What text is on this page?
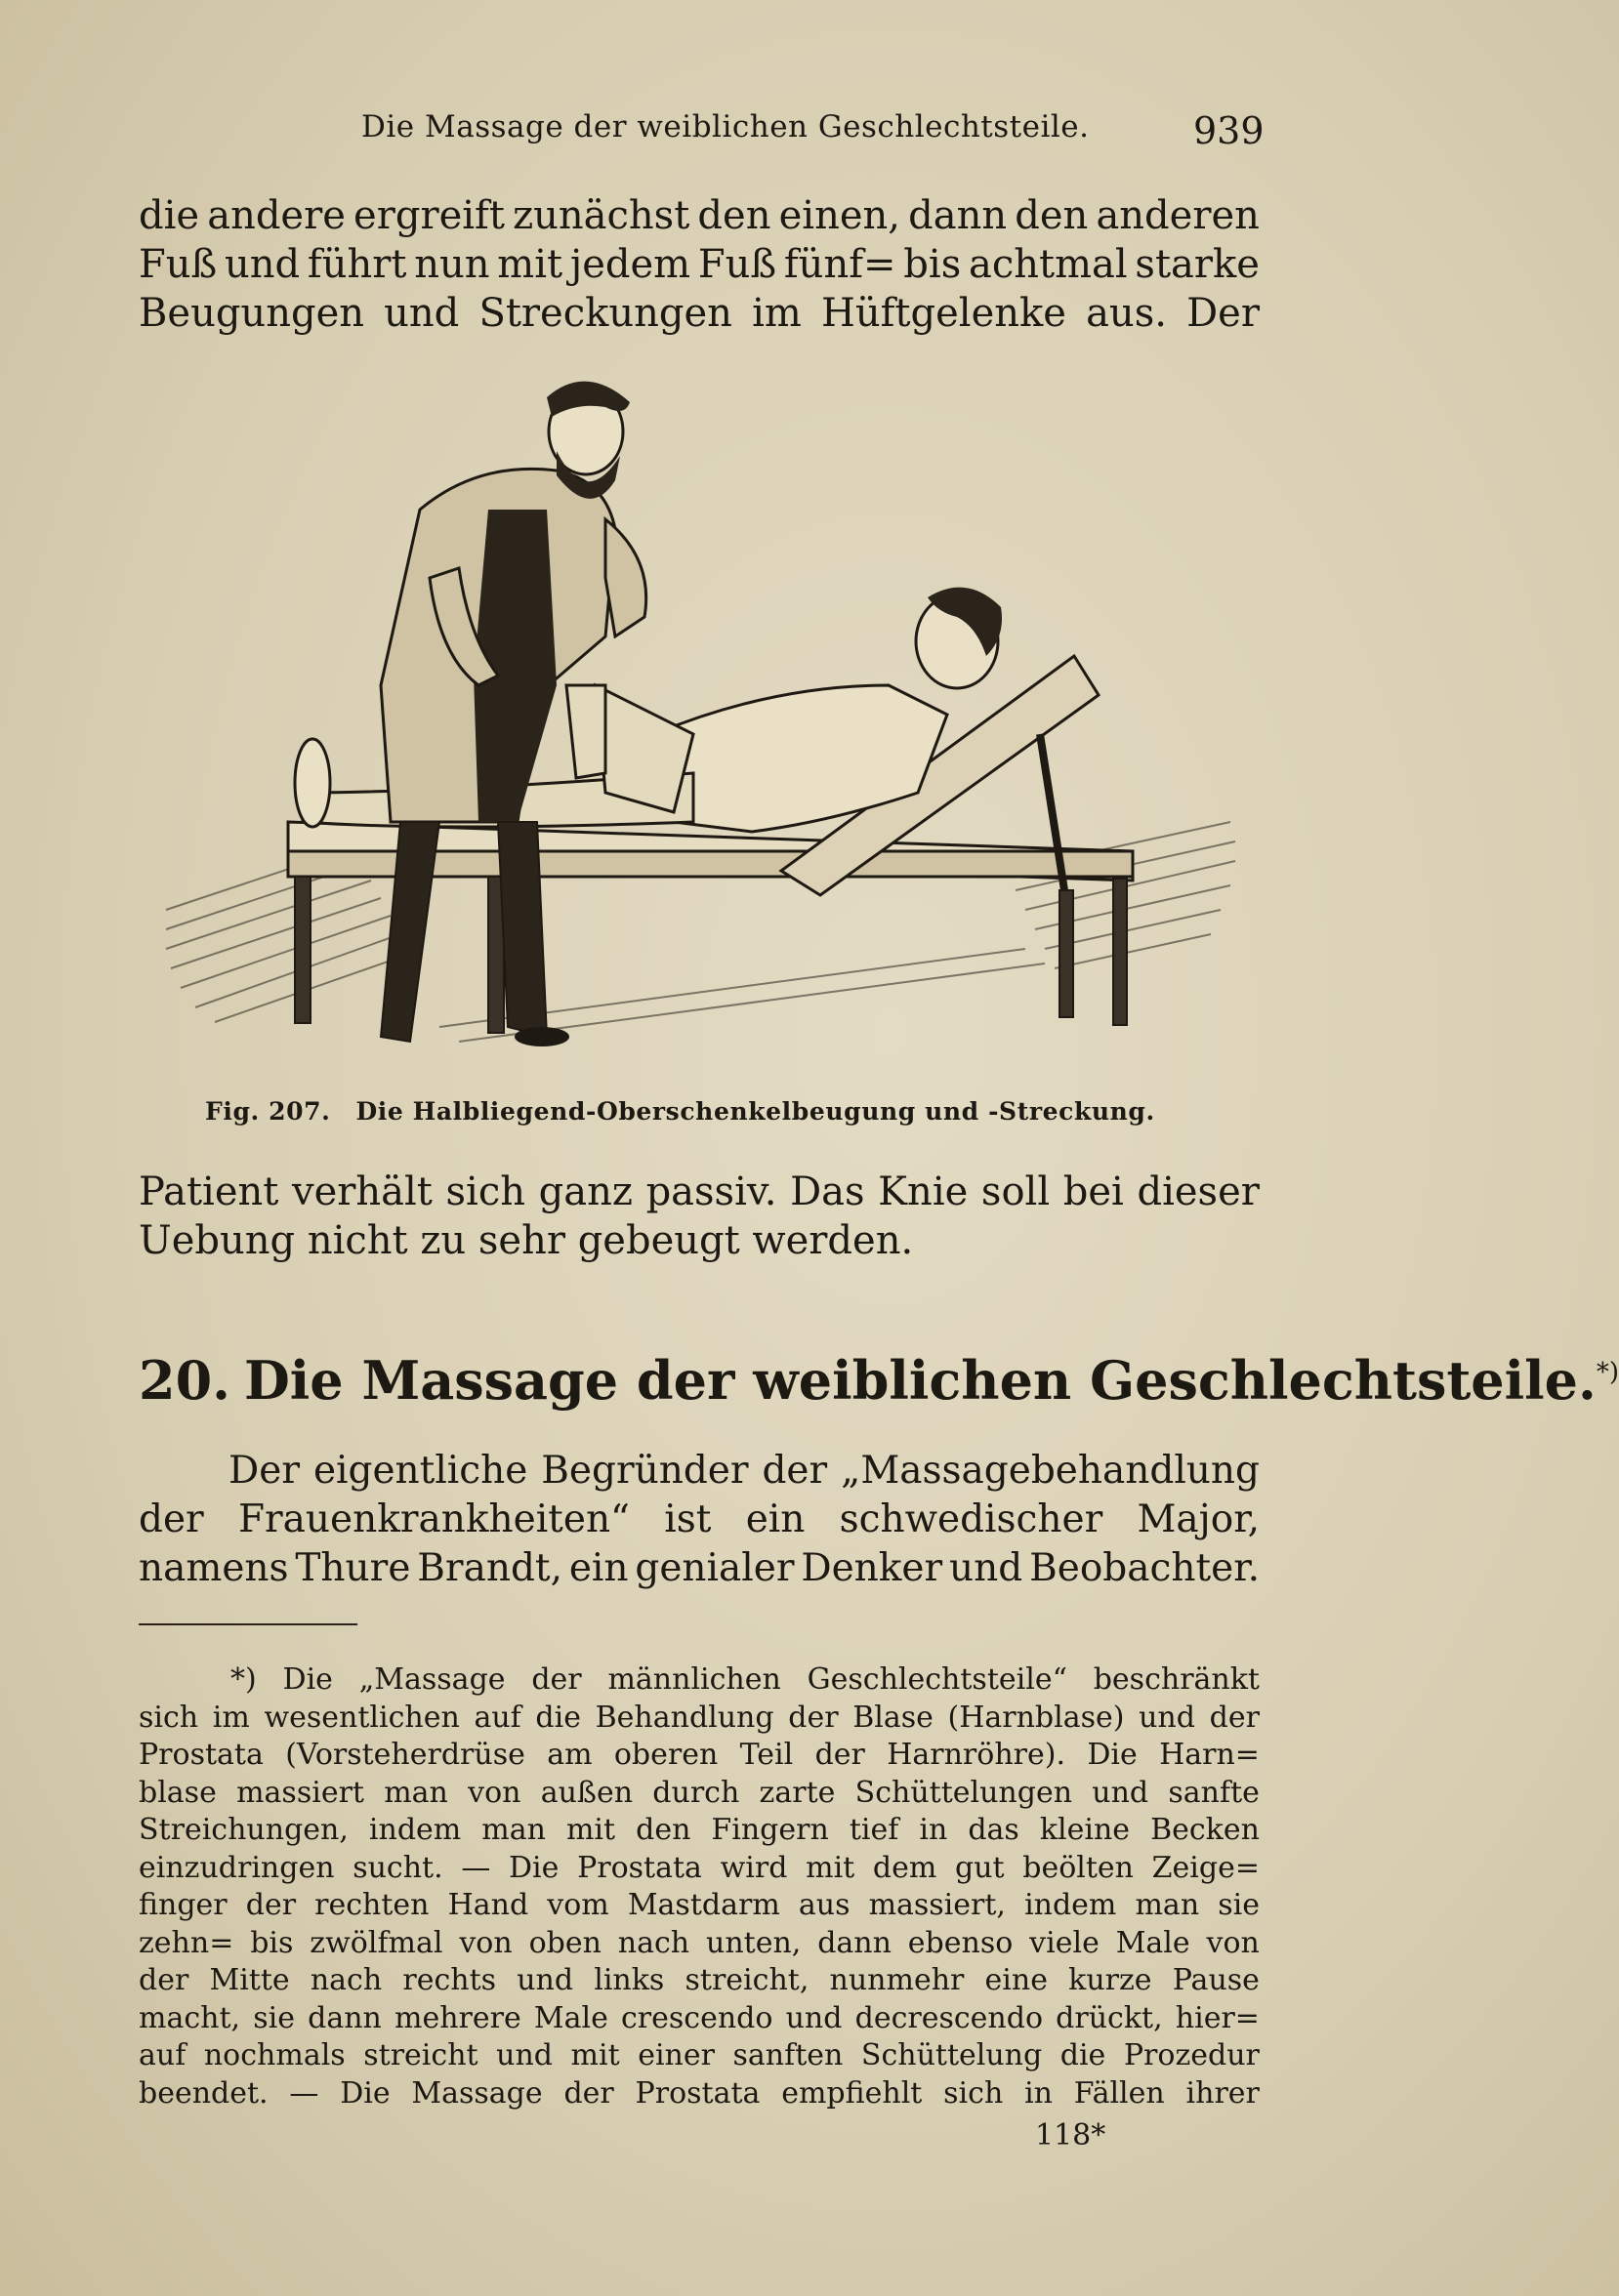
Die Massage der weiblichen Geschlechtsteile.	939
die andere ergreift zunächst den einen, dann den anderen
Fuß und führt nun mit jedem Fuß fünf= bis achtmal starke
Beugungen und Streckungen im Hüftgelenke aus. Der
Fig. 207. Die Halbliegend-Oberschenkelbeugung und -Streckung.
Patient verhält sich ganz passiv. Das Knie soll bei dieser
Uebung nicht zu sehr gebeugt werden.
20. Die Massage der weiblichen Geschlechtsteile.*)
Der eigentliche Begründer der „Massagebehandlung
der Frauenkrankheiten“ ist ein schwedischer Major,
namens Thure Brandt, ein genialer Denker und Beobachter.
*) Die „Massage der männlichen Geschlechtsteile“ beschränkt
sich im wesentlichen auf die Behandlung der Blase (Harnblase) und der
Prostata (Vorsteherdrüse am oberen Teil der Harnröhre). Die Harn=
blase massiert man von außen durch zarte Schüttelungen und sanfte
Streichungen, indem man mit den Fingern tief in das kleine Becken
einzudringen sucht. — Die Prostata wird mit dem gut beölten Zeige=
finger der rechten Hand vom Mastdarm aus massiert, indem man sie
zehn= bis zwölfmal von oben nach unten, dann ebenso viele Male von
der Mitte nach rechts und links streicht, nunmehr eine kurze Pause
macht, sie dann mehrere Male crescendo und decrescendo drückt, hier=
auf nochmals streicht und mit einer sanften Schüttelung die Prozedur
beendet. — Die Massage der Prostata empfiehlt sich in Fällen ihrer
118*
